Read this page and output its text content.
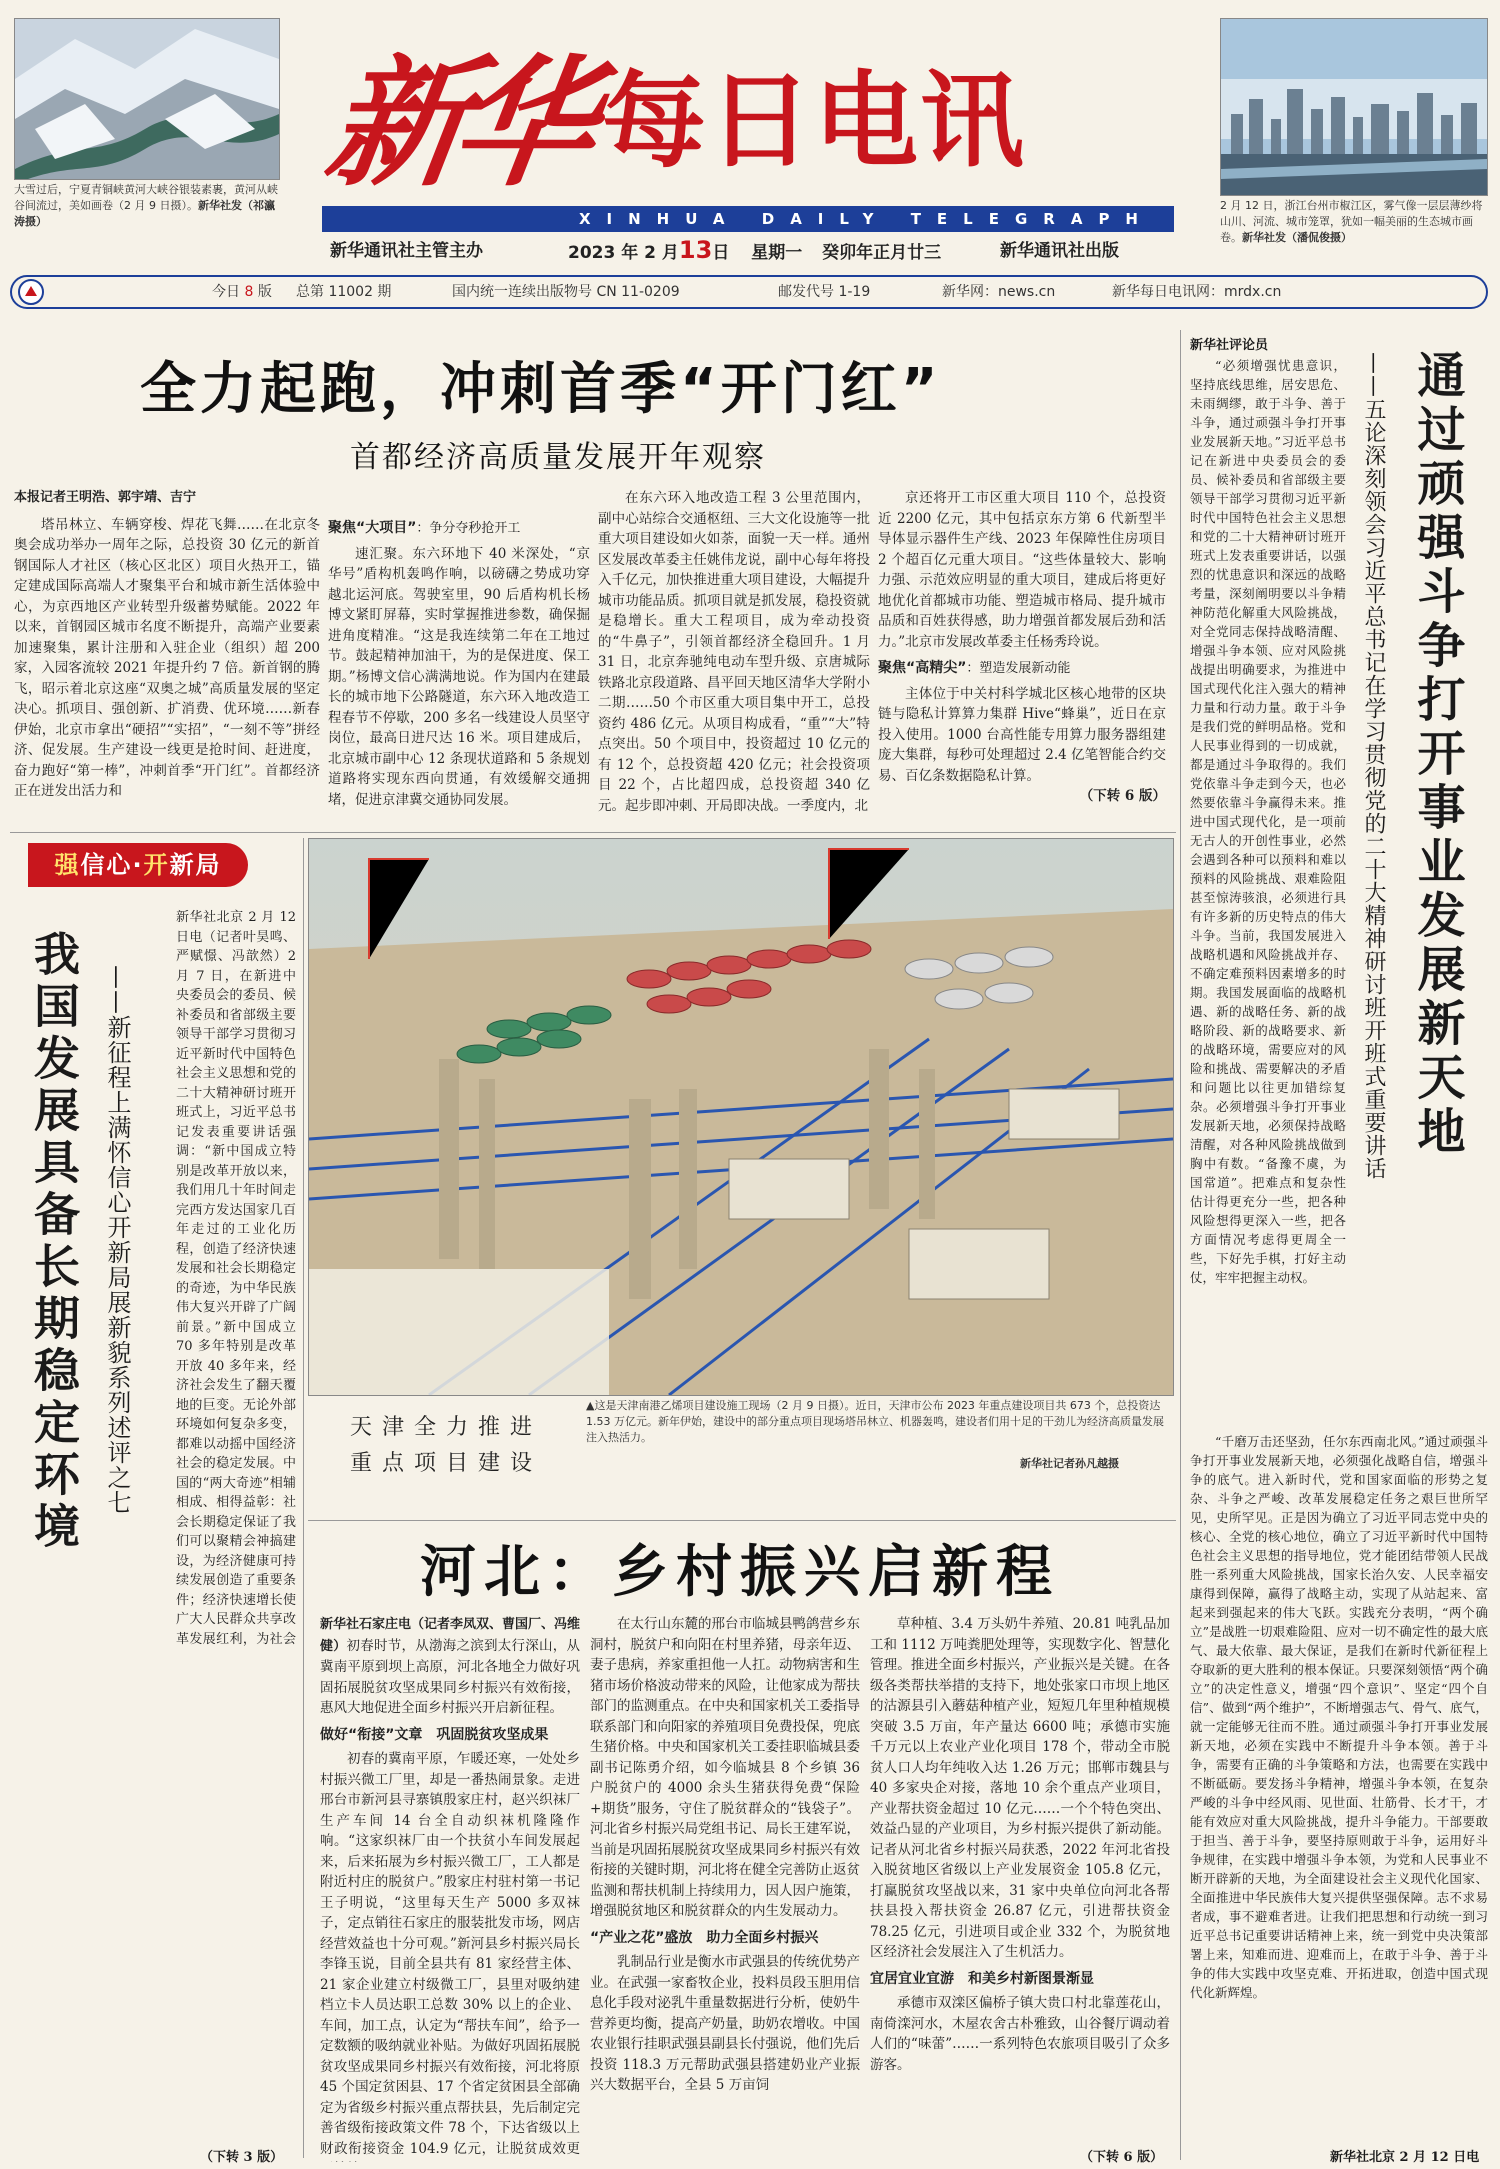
大雪过后，宁夏青铜峡黄河大峡谷银装素裹，黄河从峡谷间流过，美如画卷（2 月 9 日摄）。新华社发（祁瀛涛摄）
2 月 12 日，浙江台州市椒江区，雾气像一层层薄纱将山川、河流、城市笼罩，犹如一幅美丽的生态城市画卷。新华社发（潘侃俊摄）
新华 每日电讯
XINHUA DAILY TELEGRAPH
新华通讯社主管主办	2023 年 2 月13日 星期一 癸卯年正月廿三	新华通讯社出版
今日 8 版 总第 11002 期	国内统一连续出版物号 CN 11-0209	邮发代号 1-19	新华网：news.cn	新华每日电讯网：mrdx.cn
全力起跑，冲刺首季“开门红”
首都经济高质量发展开年观察

本报记者王明浩、郭宇靖、吉宁

塔吊林立、车辆穿梭、焊花飞舞……在北京冬奥会成功举办一周年之际，总投资 30 亿元的新首钢国际人才社区（核心区北区）项目火热开工，锚定建成国际高端人才聚集平台和城市新生活体验中心，为京西地区产业转型升级蓄势赋能。2022 年以来，首钢园区城市名度不断提升，高端产业要素加速聚集，累计注册和入驻企业（组织）超 200 家，入园客流较 2021 年提升约 7 倍。新首钢的腾飞，昭示着北京这座“双奥之城”高质量发展的坚定决心。抓项目、强创新、扩消费、优环境……新春伊始，北京市拿出“硬招”“实招”，“一刻不等”拼经济、促发展。生产建设一线更是抢时间、赶进度，奋力跑好“第一棒”，冲刺首季“开门红”。首都经济正在迸发出活力和

聚焦“大项目”：争分夺秒抢开工

速汇聚。东六环地下 40 米深处，“京华号”盾构机轰鸣作响，以磅礴之势成功穿越北运河底。驾驶室里，90 后盾构机长杨博文紧盯屏幕，实时掌握推进参数，确保掘进角度精准。“这是我连续第二年在工地过节。鼓起精神加油干，为的是保进度、保工期。”杨博文信心满满地说。作为国内在建最长的城市地下公路隧道，东六环入地改造工程春节不停歇，200 多名一线建设人员坚守岗位，最高日进尺达 16 米。项目建成后，北京城市副中心 12 条现状道路和 5 条规划道路将实现东西向贯通，有效缓解交通拥堵，促进京津冀交通协同发展。

在东六环入地改造工程 3 公里范围内，副中心站综合交通枢纽、三大文化设施等一批重大项目建设如火如荼，面貌一天一样。通州区发展改革委主任姚伟龙说，副中心每年将投入千亿元，加快推进重大项目建设，大幅提升城市功能品质。抓项目就是抓发展，稳投资就是稳增长。重大工程项目，成为牵动投资的“牛鼻子”，引领首都经济全稳回升。1 月 31 日，北京奔驰纯电动车型升级、京唐城际铁路北京段道路、昌平回天地区清华大学附小二期……50 个市区重大项目集中开工，总投资约 486 亿元。从项目构成看，“重”“大”特点突出。50 个项目中，投资超过 10 亿元的有 12 个，总投资超 420 亿元；社会投资项目 22 个，占比超四成，总投资超 340 亿元。起步即冲刺、开局即决战。一季度内，北

京还将开工市区重大项目 110 个，总投资近 2200 亿元，其中包括京东方第 6 代新型半导体显示器件生产线、2023 年保障性住房项目 2 个超百亿元重大项目。“这些体量较大、影响力强、示范效应明显的重大项目，建成后将更好地优化首都城市功能、塑造城市格局、提升城市品质和百姓获得感，助力增强首都发展后劲和活力。”北京市发展改革委主任杨秀玲说。

聚焦“高精尖”：塑造发展新动能

主体位于中关村科学城北区核心地带的区块链与隐私计算算力集群 Hive“蜂巢”，近日在京投入使用。1000 台高性能专用算力服务器组建庞大集群，每秒可处理超过 2.4 亿笔智能合约交易、百亿条数据隐私计算。

（下转 6 版）

强信心·开新局
我国发展具备长期稳定环境 ——新征程上满怀信心开新局展新貌系列述评之七

新华社北京 2 月 12 日电（记者叶昊鸣、严赋憬、冯歆然）2 月 7 日，在新进中央委员会的委员、候补委员和省部级主要领导干部学习贯彻习近平新时代中国特色社会主义思想和党的二十大精神研讨班开班式上，习近平总书记发表重要讲话强调：“新中国成立特别是改革开放以来，我们用几十年时间走完西方发达国家几百年走过的工业化历程，创造了经济快速发展和社会长期稳定的奇迹，为中华民族伟大复兴开辟了广阔前景。”新中国成立 70 多年特别是改革开放 40 多年来，经济社会发生了翻天覆地的巨变。无论外部环境如何复杂多变，都难以动摇中国经济社会的稳定发展。中国的“两大奇迹”相辅相成、相得益彰：社会长期稳定保证了我们可以聚精会神搞建设，为经济健康可持续发展创造了重要条件；经济快速增长使广大人民群众共享改革发展红利，为社会

（下转 3 版）
天津全力推进
重点项目建设
▲这是天津南港乙烯项目建设施工现场（2 月 9 日摄）。近日，天津市公布 2023 年重点建设项目共 673 个，总投资达 1.53 万亿元。新年伊始，建设中的部分重点项目现场塔吊林立、机器轰鸣，建设者们用十足的干劲儿为经济高质量发展注入热活力。
新华社记者孙凡越摄
河北：乡村振兴启新程

新华社石家庄电（记者李凤双、曹国厂、冯维健）

初春时节，从渤海之滨到太行深山，从冀南平原到坝上高原，河北各地全力做好巩固拓展脱贫攻坚成果同乡村振兴有效衔接，惠风大地促进全面乡村振兴开启新征程。

做好“衔接”文章　巩固脱贫攻坚成果

初春的冀南平原，乍暖还寒，一处处乡村振兴微工厂里，却是一番热闹景象。走进邢台市新河县寻寨镇殷家庄村，赵兴织袜厂生产车间 14 台全自动织袜机隆隆作响。“这家织袜厂由一个扶贫小车间发展起来，后来拓展为乡村振兴微工厂，工人都是附近村庄的脱贫户。”殷家庄村驻村第一书记王子明说，“这里每天生产 5000 多双袜子，定点销往石家庄的服装批发市场，网店经营效益也十分可观。”新河县乡村振兴局长李锋玉说，目前全县共有 81 家经营主体、21 家企业建立村级微工厂，县里对吸纳建档立卡人员达职工总数 30% 以上的企业、车间，加工点，认定为“帮扶车间”，给予一定数额的吸纳就业补贴。为做好巩固拓展脱贫攻坚成果同乡村振兴有效衔接，河北将原 45 个国定贫困县、17 个省定贫困县全部确定为省级乡村振兴重点帮扶县，先后制定完善省级衔接政策文件 78 个，下达省级以上财政衔接资金 104.9 亿元，让脱贫成效更

在太行山东麓的邢台市临城县鸭鸽营乡东洞村，脱贫户和向阳在村里养猪，母亲年迈、妻子患病，养家重担他一人扛。动物病害和生猪市场价格波动带来的风险，让他家成为帮扶部门的监测重点。在中央和国家机关工委指导联系部门和向阳家的养殖项目免费投保，兜底生猪价格。中央和国家机关工委挂职临城县委副书记陈勇介绍，如今临城县 8 个乡镇 36 户脱贫户的 4000 余头生猪获得免费“保险+期货”服务，守住了脱贫群众的“钱袋子”。河北省乡村振兴局党组书记、局长王建军说，当前是巩固拓展脱贫攻坚成果同乡村振兴有效衔接的关键时期，河北将在健全完善防止返贫监测和帮扶机制上持续用力，因人因户施策，增强脱贫地区和脱贫群众的内生发展动力。

“产业之花”盛放　助力全面乡村振兴

乳制品行业是衡水市武强县的传统优势产业。在武强一家畜牧企业，投料员段玉胆用信息化手段对泌乳牛重量数据进行分析，使奶牛营养更均衡，提高产奶量，助奶农增收。中国农业银行挂职武强县副县长付强说，他们先后投资 118.3 万元帮助武强县搭建奶业产业振兴大数据平台，全县 5 万亩饲

草种植、3.4 万头奶牛养殖、20.81 吨乳品加工和 1112 万吨粪肥处理等，实现数字化、智慧化管理。推进全面乡村振兴，产业振兴是关键。在各级各类帮扶举措的支持下，地处张家口市坝上地区的沽源县引入蘑菇种植产业，短短几年里种植规模突破 3.5 万亩，年产量达 6600 吨；承德市实施千万元以上农业产业化项目 178 个，带动全市脱贫人口人均年纯收入达 1.26 万元；邯郸市魏县与 40 多家央企对接，落地 10 余个重点产业项目，产业帮扶资金超过 10 亿元……一个个特色突出、效益凸显的产业项目，为乡村振兴提供了新动能。记者从河北省乡村振兴局获悉，2022 年河北省投入脱贫地区省级以上产业发展资金 105.8 亿元，打赢脱贫攻坚战以来，31 家中央单位向河北各帮扶县投入帮扶资金 26.87 亿元，引进帮扶资金 78.25 亿元，引进项目或企业 332 个，为脱贫地区经济社会发展注入了生机活力。

宜居宜业宜游　和美乡村新图景渐显

承德市双滦区偏桥子镇大贵口村北靠莲花山，南倚滦河水，木屋农舍古朴雅致，山谷餐厅调动着人们的“味蕾”……一系列特色农旅项目吸引了众多游客。

（下转 6 版）
新华社评论员

“必须增强忧患意识，坚持底线思维，居安思危、未雨绸缪，敢于斗争、善于斗争，通过顽强斗争打开事业发展新天地。”习近平总书记在新进中央委员会的委员、候补委员和省部级主要领导干部学习贯彻习近平新时代中国特色社会主义思想和党的二十大精神研讨班开班式上发表重要讲话，以强烈的忧患意识和深远的战略考量，深刻阐明要以斗争精神防范化解重大风险挑战，对全党同志保持战略清醒、增强斗争本领、应对风险挑战提出明确要求，为推进中国式现代化注入强大的精神力量和行动力量。敢于斗争是我们党的鲜明品格。党和人民事业得到的一切成就，都是通过斗争取得的。我们党依靠斗争走到今天，也必然要依靠斗争赢得未来。推进中国式现代化，是一项前无古人的开创性事业，必然会遇到各种可以预料和难以预料的风险挑战、艰难险阻甚至惊涛骇浪，必须进行具有许多新的历史特点的伟大斗争。当前，我国发展进入战略机遇和风险挑战并存、不确定难预料因素增多的时期。我国发展面临的战略机遇、新的战略任务、新的战略阶段、新的战略要求、新的战略环境，需要应对的风险和挑战、需要解决的矛盾和问题比以往更加错综复杂。必须增强斗争打开事业发展新天地，必须保持战略清醒，对各种风险挑战做到胸中有数。“备豫不虞，为国常道”。把难点和复杂性估计得更充分一些，把各种风险想得更深入一些，把各方面情况考虑得更周全一些，下好先手棋，打好主动仗，牢牢把握主动权。

通过顽强斗争打开事业发展新天地
——五论深刻领会习近平总书记在学习贯彻党的二十大精神研讨班开班式重要讲话

“千磨万击还坚劲，任尔东西南北风。”通过顽强斗争打开事业发展新天地，必须强化战略自信，增强斗争的底气。进入新时代，党和国家面临的形势之复杂、斗争之严峻、改革发展稳定任务之艰巨世所罕见，史所罕见。正是因为确立了习近平同志党中央的核心、全党的核心地位，确立了习近平新时代中国特色社会主义思想的指导地位，党才能团结带领人民战胜一系列重大风险挑战，国家长治久安、人民幸福安康得到保障，赢得了战略主动，实现了从站起来、富起来到强起来的伟大飞跃。实践充分表明，“两个确立”是战胜一切艰难险阻、应对一切不确定性的最大底气、最大依靠、最大保证，是我们在新时代新征程上夺取新的更大胜利的根本保证。只要深刻领悟“两个确立”的决定性意义，增强“四个意识”、坚定“四个自信”、做到“两个维护”，不断增强志气、骨气、底气，就一定能够无往而不胜。通过顽强斗争打开事业发展新天地，必须在实践中不断提升斗争本领。善于斗争，需要有正确的斗争策略和方法，也需要在实践中不断砥砺。要发扬斗争精神，增强斗争本领，在复杂严峻的斗争中经风雨、见世面、壮筋骨、长才干，才能有效应对重大风险挑战，提升斗争能力。干部要敢于担当、善于斗争，要坚持原则敢于斗争，运用好斗争规律，在实践中增强斗争本领，为党和人民事业不断开辟新的天地，为全面建设社会主义现代化国家、全面推进中华民族伟大复兴提供坚强保障。志不求易者成，事不避难者进。让我们把思想和行动统一到习近平总书记重要讲话精神上来，统一到党中央决策部署上来，知难而进、迎难而上，在敢于斗争、善于斗争的伟大实践中攻坚克难、开拓进取，创造中国式现代化新辉煌。

新华社北京 2 月 12 日电
